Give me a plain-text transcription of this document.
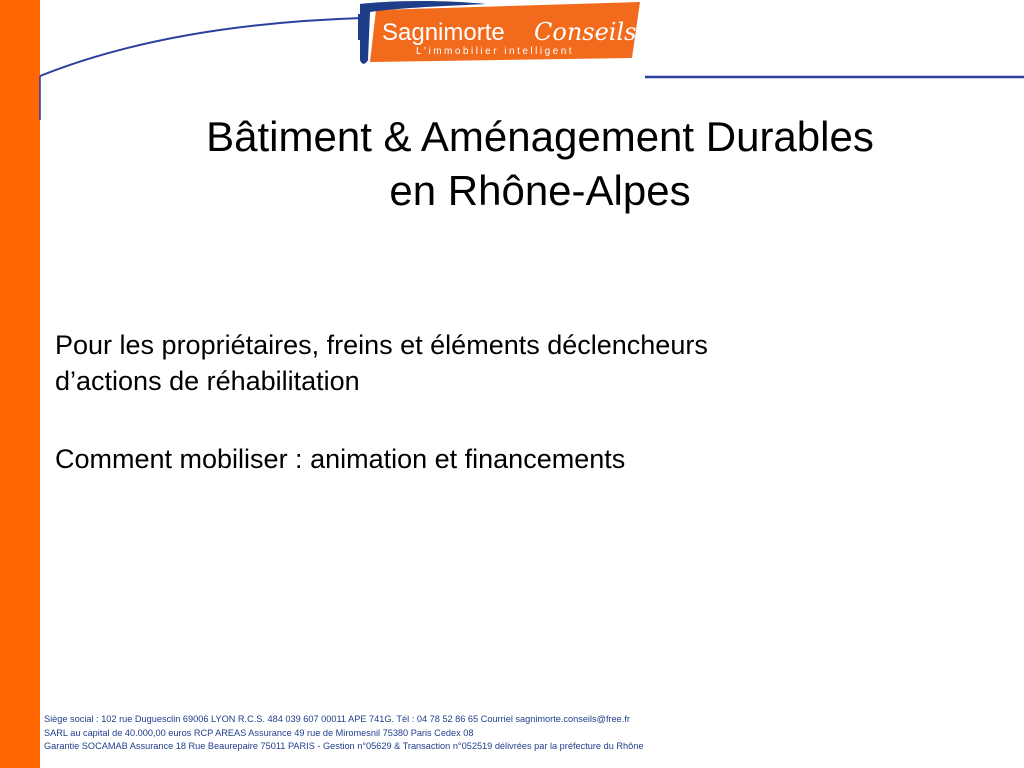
Sagnimorte Conseils
L'immobilier intelligent
Bâtiment & Aménagement Durables
en Rhône-Alpes

Pour les propriétaires, freins et éléments déclencheurs

d’actions de réhabilitation

Comment mobiliser : animation et financements

Siège social : 102 rue Duguesclin 69006 LYON R.C.S. 484 039 607 00011 APE 741G. Tél : 04 78 52 86 65 Courriel sagnimorte.conseils@free.fr
SARL au capital de 40.000,00 euros RCP AREAS Assurance 49 rue de Miromesnil 75380 Paris Cedex 08
Garantie SOCAMAB Assurance 18 Rue Beaurepaire 75011 PARIS - Gestion n°05629 & Transaction n°052519 délivrées par la préfecture du Rhône
